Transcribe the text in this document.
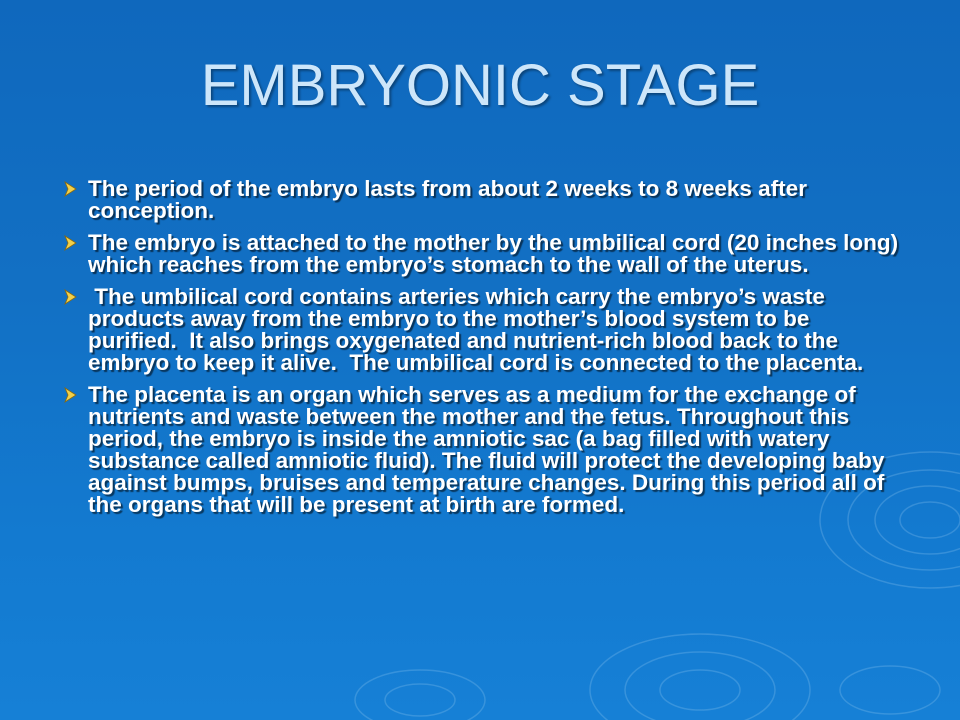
EMBRYONIC STAGE
The period of the embryo lasts from about 2 weeks to 8 weeks after conception.
The embryo is attached to the mother by the umbilical cord (20 inches long) which reaches from the embryo’s stomach to the wall of the uterus.
The umbilical cord contains arteries which carry the embryo’s waste products away from the embryo to the mother’s blood system to be purified.  It also brings oxygenated and nutrient-rich blood back to the embryo to keep it alive.  The umbilical cord is connected to the placenta.
The placenta is an organ which serves as a medium for the exchange of nutrients and waste between the mother and the fetus. Throughout this period, the embryo is inside the amniotic sac (a bag filled with watery substance called amniotic fluid). The fluid will protect the developing baby against bumps, bruises and temperature changes. During this period all of the organs that will be present at birth are formed.
